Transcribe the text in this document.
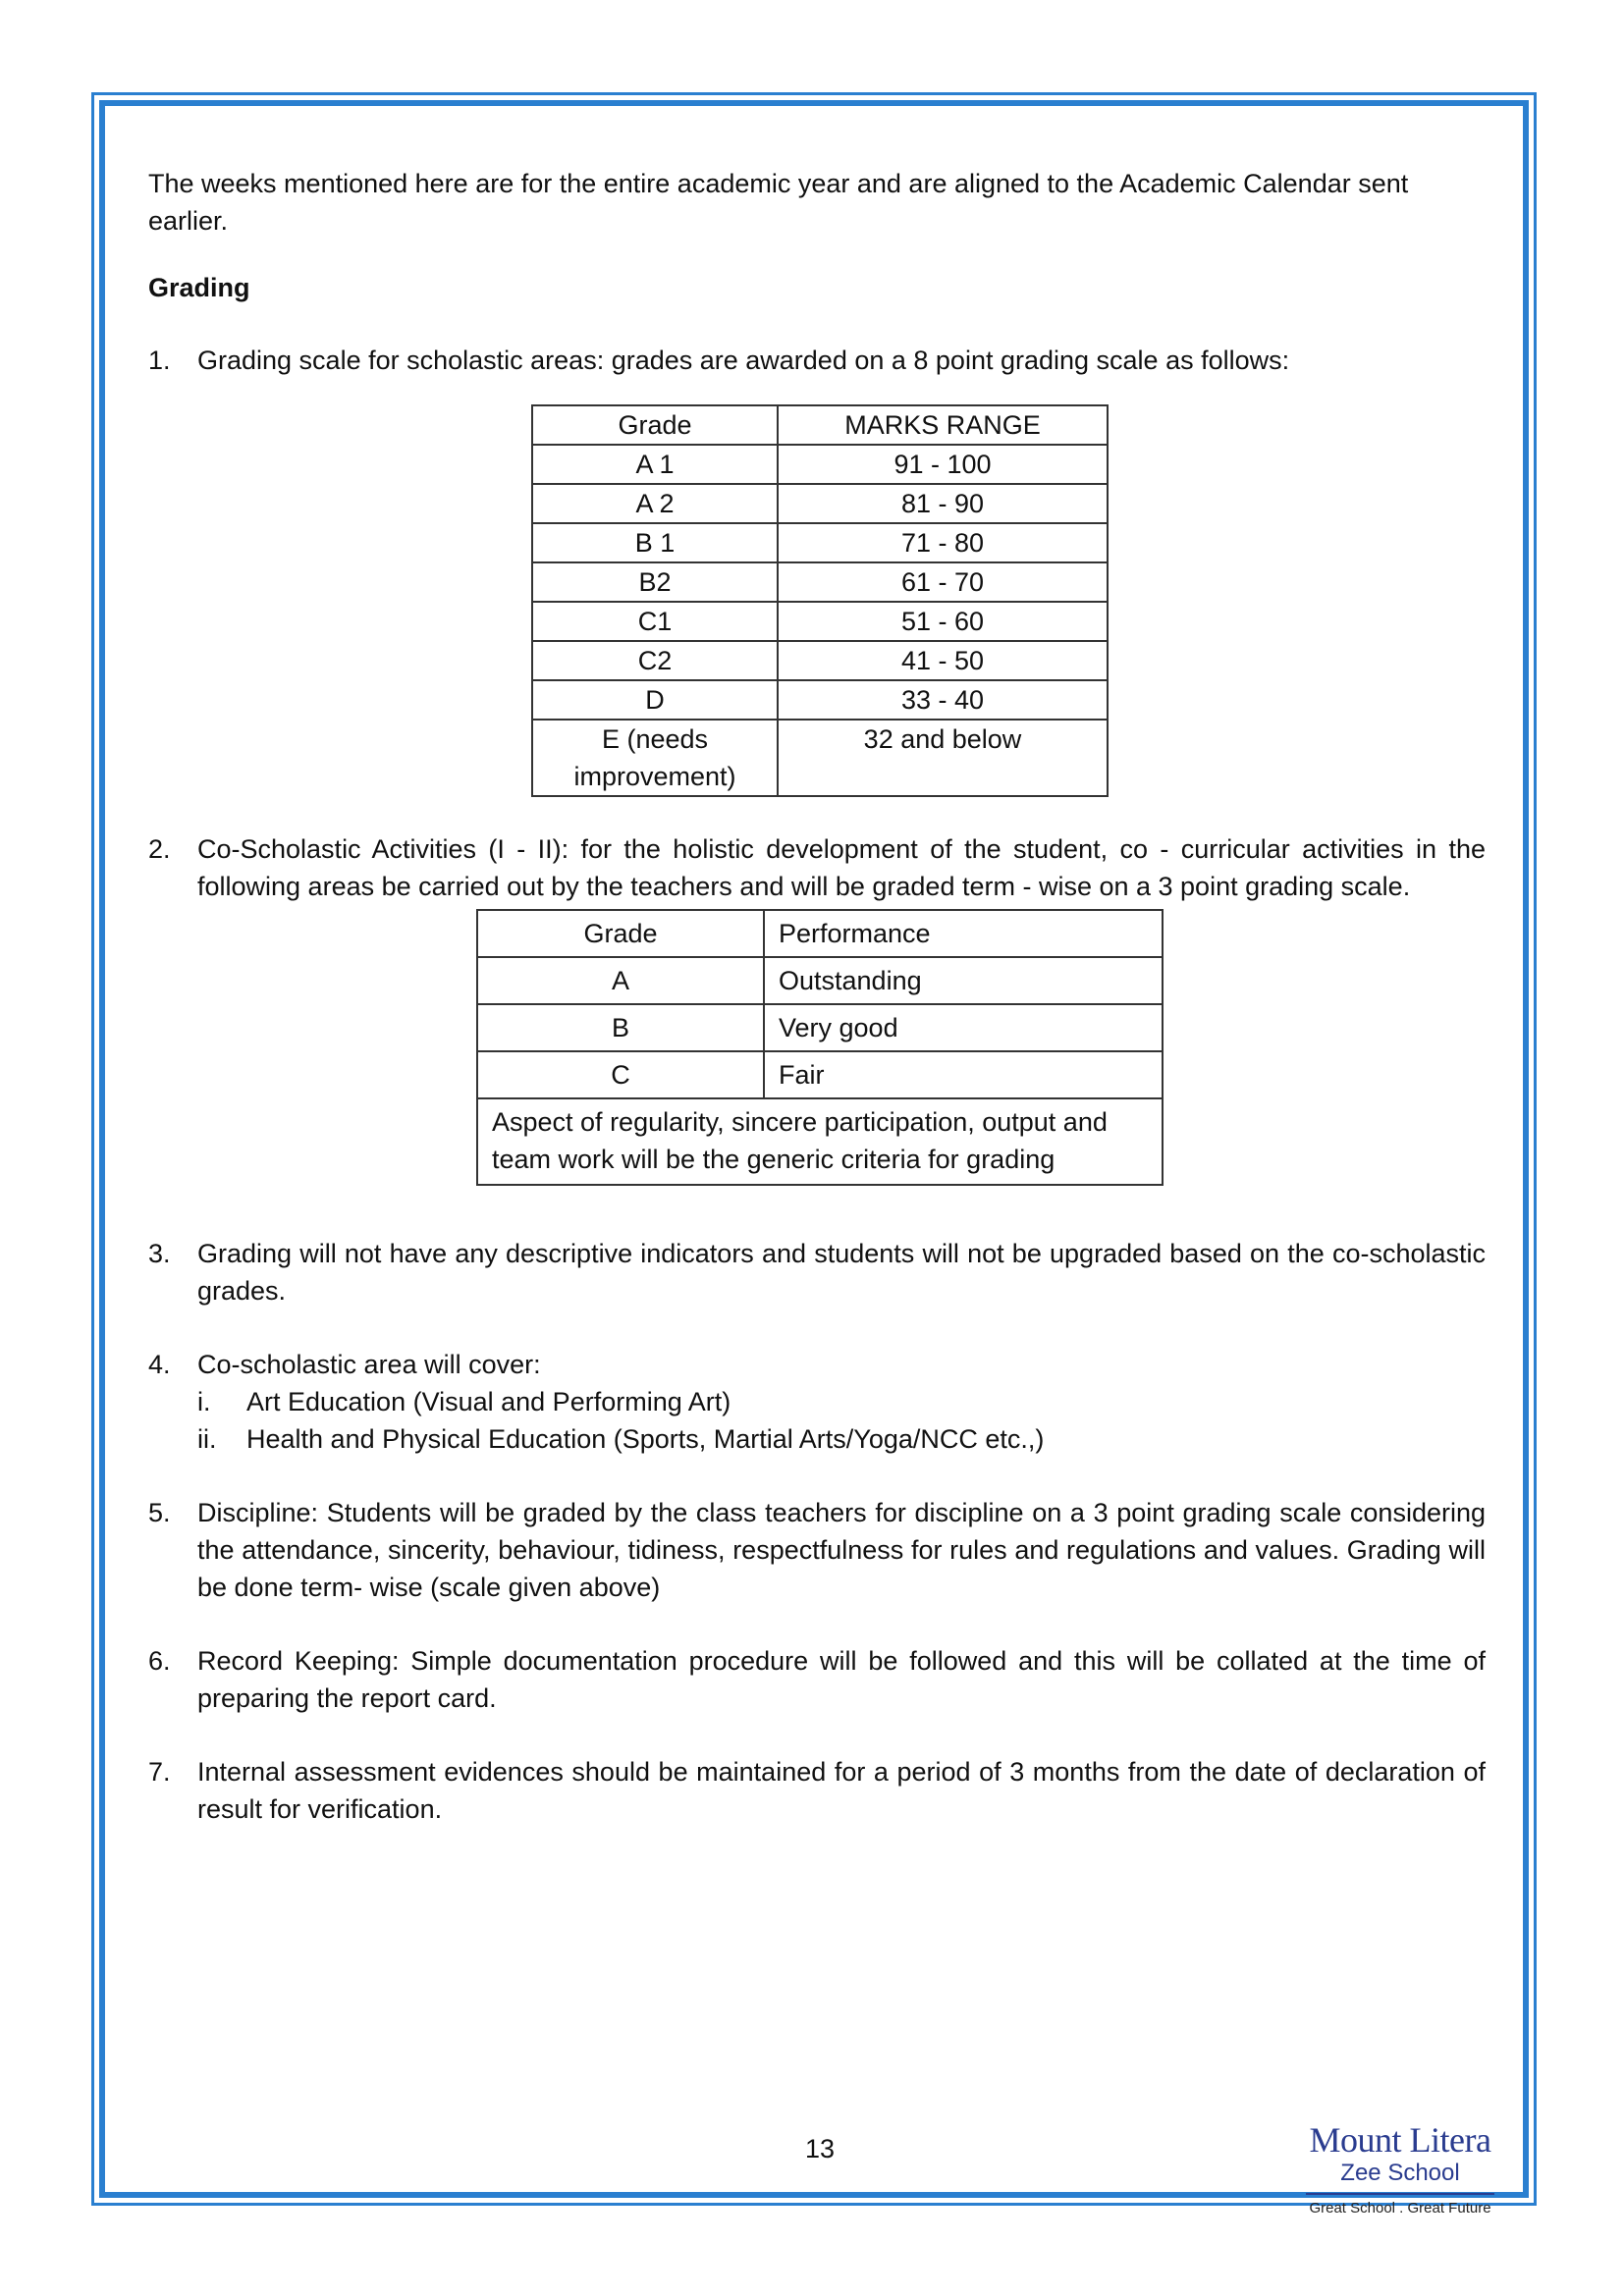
The weeks mentioned here are for the entire academic year and are aligned to the Academic Calendar sent earlier.

Grading

1.	Grading scale for scholastic areas: grades are awarded on a 8 point grading scale as follows:
Grade	MARKS RANGE
A 1	91 - 100
A 2	81 - 90
B 1	71 - 80
B2	61 - 70
C1	51 - 60
C2	41 - 50
D	33 - 40
E (needs improvement)	32 and below
2.	Co-Scholastic Activities (I - II): for the holistic development of the student, co - curricular activities in the following areas be carried out by the teachers and will be graded term - wise on a 3 point grading scale.
Grade	Performance
A	Outstanding
B	Very good
C	Fair
Aspect of regularity, sincere participation, output and team work will be the generic criteria for grading	
3.	Grading will not have any descriptive indicators and students will not be upgraded based on the co-scholastic grades.
4.	Co-scholastic area will cover:
i.	Art Education (Visual and Performing Art)
ii.	Health and Physical Education (Sports, Martial Arts/Yoga/NCC etc.,)
5.	Discipline: Students will be graded by the class teachers for discipline on a 3 point grading scale considering the attendance, sincerity, behaviour, tidiness, respectfulness for rules and regulations and values. Grading will be done term- wise (scale given above)
6.	Record Keeping: Simple documentation procedure will be followed and this will be collated at the time of preparing the report card.
7.	Internal assessment evidences should be maintained for a period of 3 months from the date of declaration of result for verification.
13	Mount Litera
Zee School
Great School . Great Future
